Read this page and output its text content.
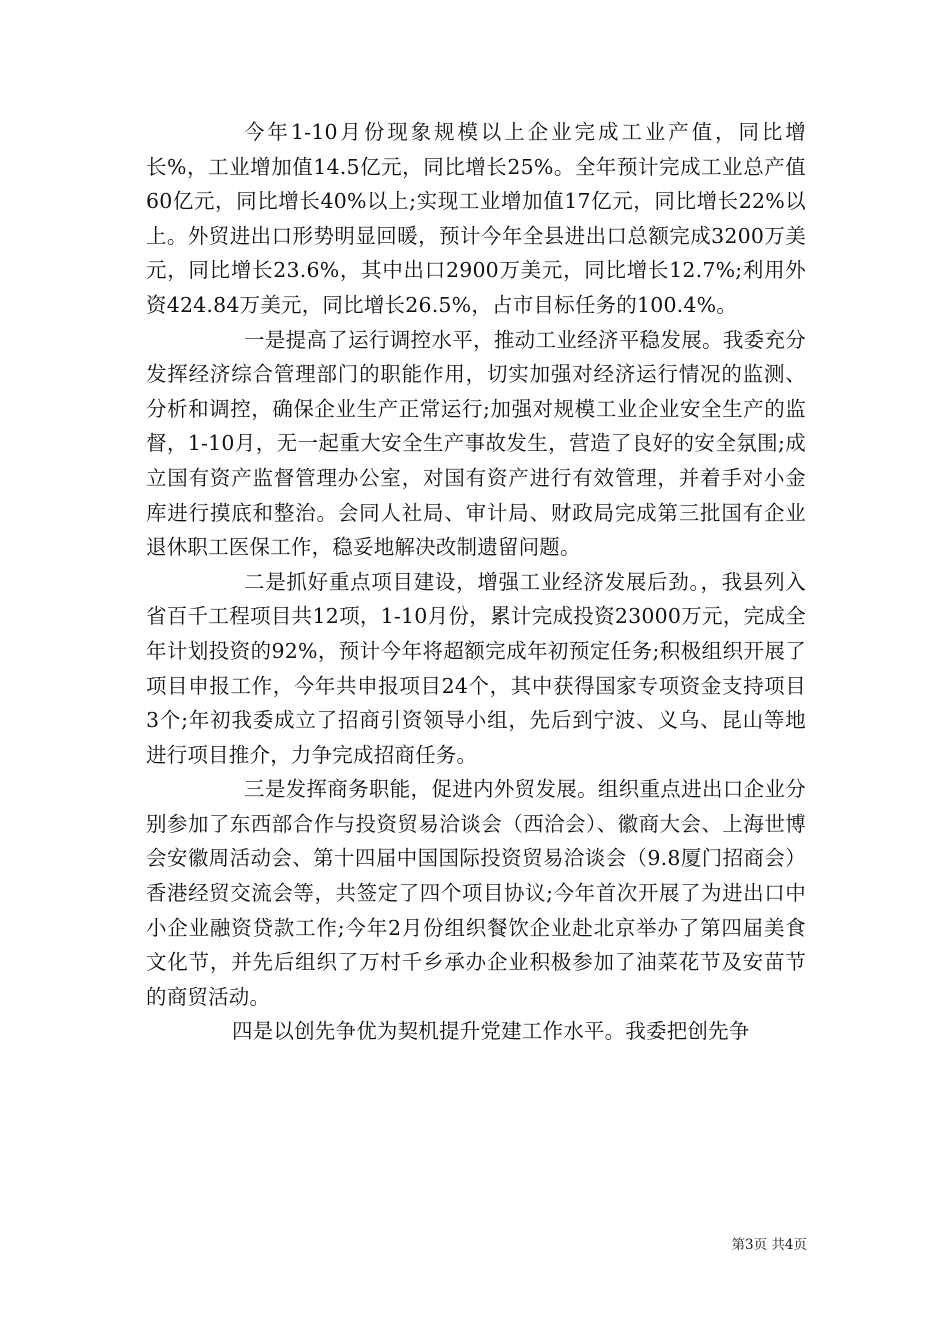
今年1-10月份现象规模以上企业完成工业产值，同比增长%，工业增加值14.5亿元，同比增长25%。全年预计完成工业总产值60亿元，同比增长40%以上;实现工业增加值17亿元，同比增长22%以上。外贸进出口形势明显回暖，预计今年全县进出口总额完成3200万美元，同比增长23.6%，其中出口2900万美元，同比增长12.7%;利用外资424.84万美元，同比增长26.5%，占市目标任务的100.4%。

一是提高了运行调控水平，推动工业经济平稳发展。我委充分发挥经济综合管理部门的职能作用，切实加强对经济运行情况的监测、分析和调控，确保企业生产正常运行;加强对规模工业企业安全生产的监督，1-10月，无一起重大安全生产事故发生，营造了良好的安全氛围;成立国有资产监督管理办公室，对国有资产进行有效管理，并着手对小金库进行摸底和整治。会同人社局、审计局、财政局完成第三批国有企业退休职工医保工作，稳妥地解决改制遗留问题。

二是抓好重点项目建设，增强工业经济发展后劲。，我县列入省百千工程项目共12项，1-10月份，累计完成投资23000万元，完成全年计划投资的92%，预计今年将超额完成年初预定任务;积极组织开展了项目申报工作，今年共申报项目24个，其中获得国家专项资金支持项目3个;年初我委成立了招商引资领导小组，先后到宁波、义乌、昆山等地进行项目推介，力争完成招商任务。

三是发挥商务职能，促进内外贸发展。组织重点进出口企业分别参加了东西部合作与投资贸易洽谈会（西洽会）、徽商大会、上海世博会安徽周活动会、第十四届中国国际投资贸易洽谈会（9.8厦门招商会）香港经贸交流会等，共签定了四个项目协议;今年首次开展了为进出口中小企业融资贷款工作;今年2月份组织餐饮企业赴北京举办了第四届美食文化节，并先后组织了万村千乡承办企业积极参加了油菜花节及安苗节的商贸活动。

四是以创先争优为契机提升党建工作水平。我委把创先争

第3页 共4页
